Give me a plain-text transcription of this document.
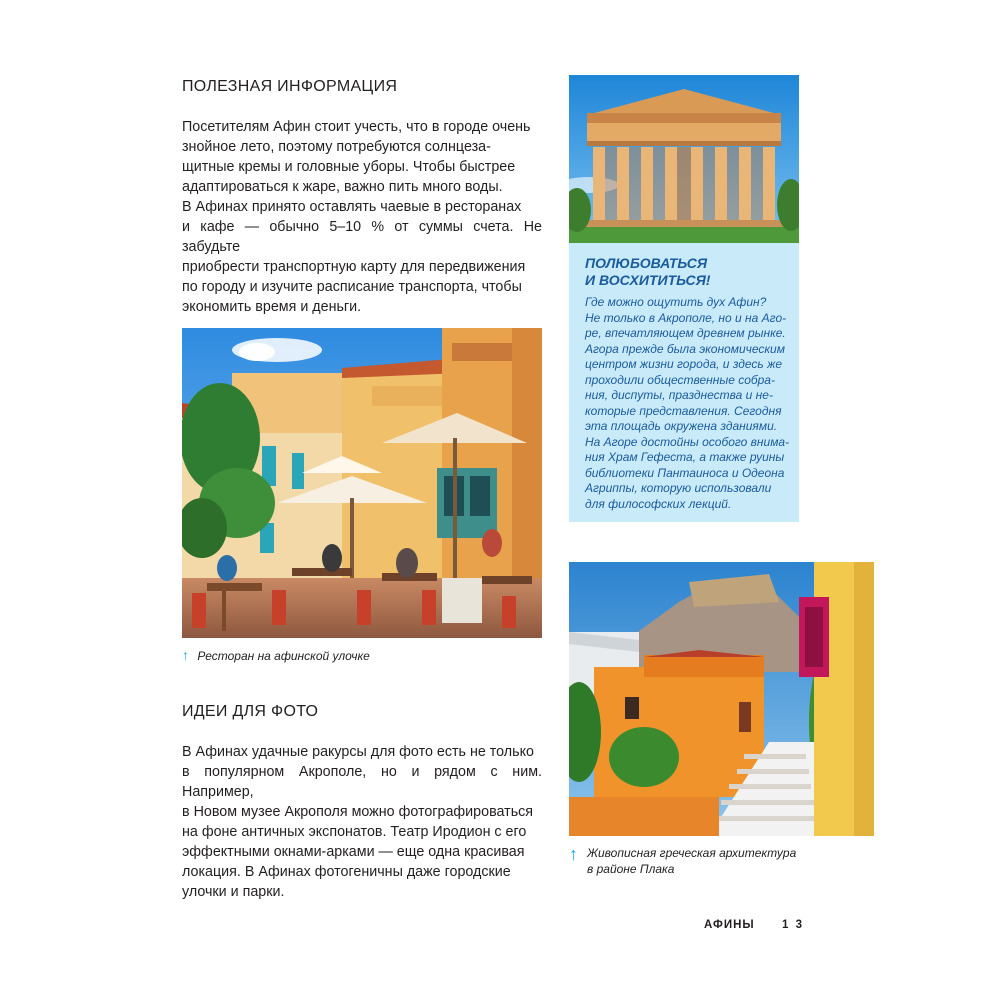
ПОЛЕЗНАЯ ИНФОРМАЦИЯ
Посетителям Афин стоит учесть, что в городе очень
знойное лето, поэтому потребуются солнцеза-
щитные кремы и головные уборы. Чтобы быстрее
адаптироваться к жаре, важно пить много воды.
В Афинах принято оставлять чаевые в ресторанах
и кафе — обычно 5–10 % от суммы счета. Не забудьте
приобрести транспортную карту для передвижения
по городу и изучите расписание транспорта, чтобы
экономить время и деньги.
↑ Ресторан на афинской улочке
ИДЕИ ДЛЯ ФОТО
В Афинах удачные ракурсы для фото есть не только
в популярном Акрополе, но и рядом с ним. Например,
в Новом музее Акрополя можно фотографироваться
на фоне античных экспонатов. Театр Иродион с его
эффектными окнами-арками — еще одна красивая
локация. В Афинах фотогеничны даже городские
улочки и парки.
ПОЛЮБОВАТЬСЯ
И ВОСХИТИТЬСЯ!
Где можно ощутить дух Афин?
Не только в Акрополе, но и на Аго-
ре, впечатляющем древнем рынке.
Агора прежде была экономическим
центром жизни города, и здесь же
проходили общественные собра-
ния, диспуты, празднества и не-
которые представления. Сегодня
эта площадь окружена зданиями.
На Агоре достойны особого внима-
ния Храм Гефеста, а также руины
библиотеки Пантаиноса и Одеона
Агриппы, которую использовали
для философских лекций.
↑ Живописная греческая архитектура
в районе Плака
АФИНЫ 1 3
